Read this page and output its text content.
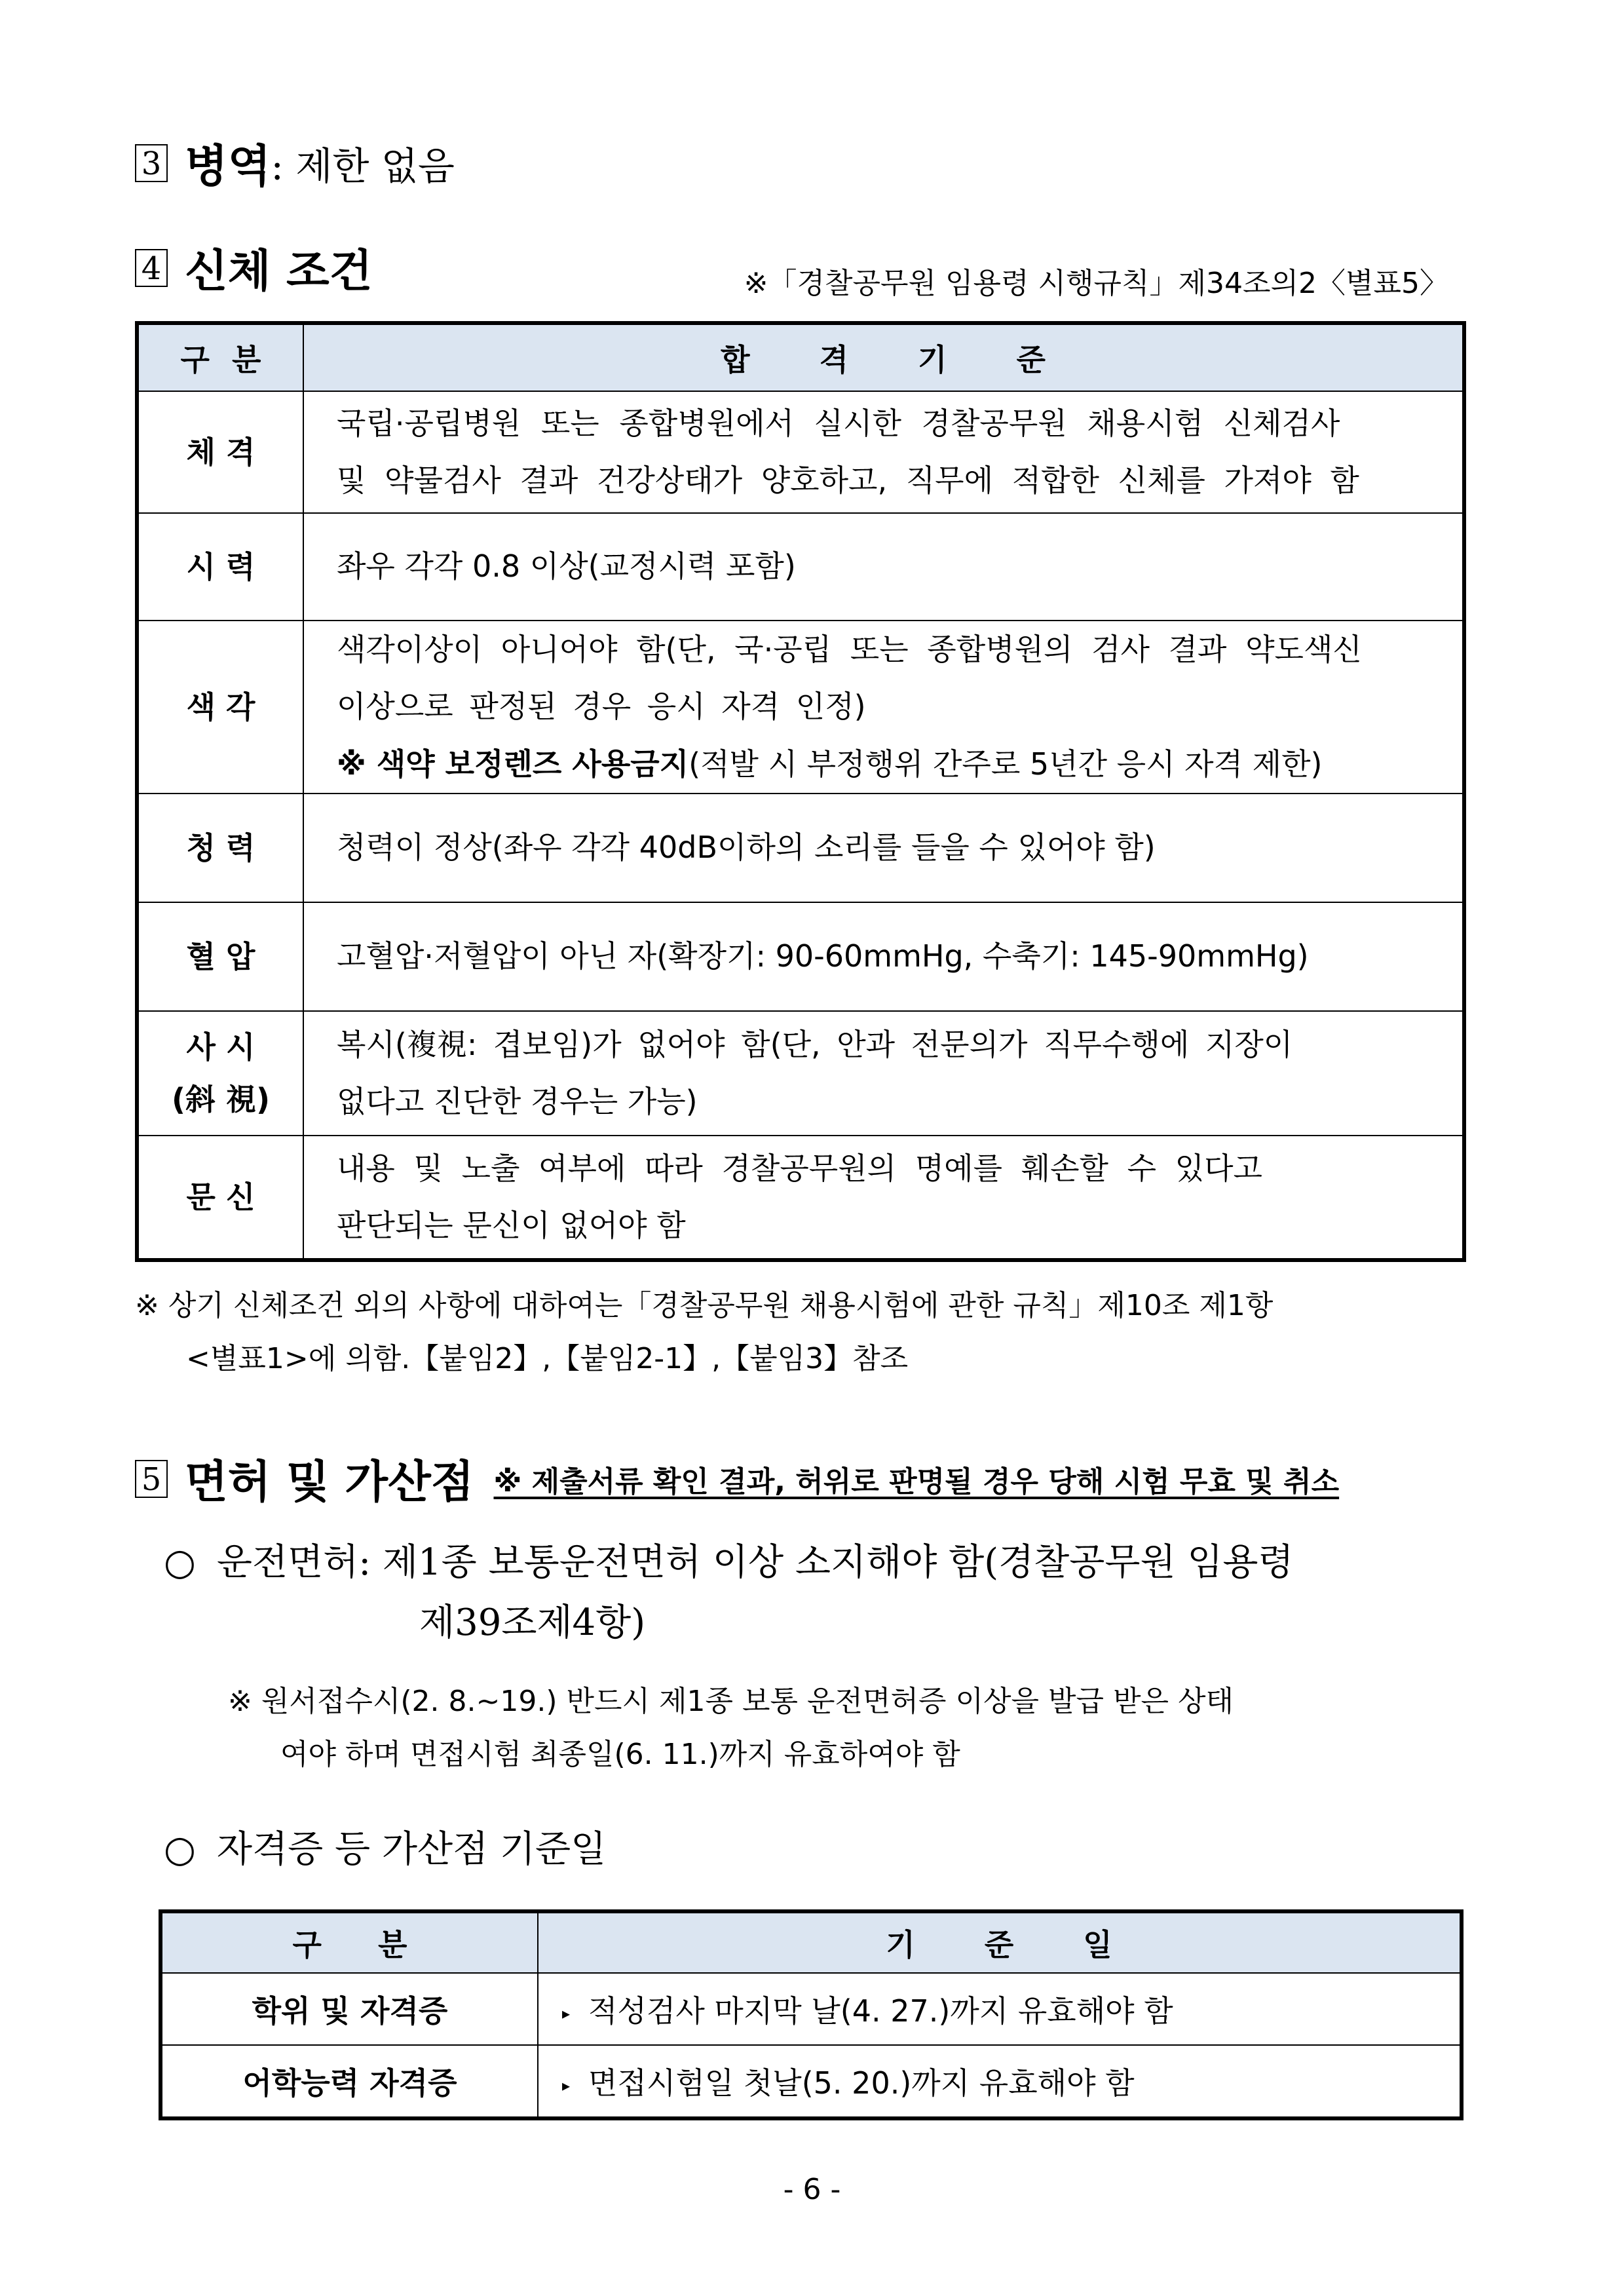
3 병역: 제한 없음
4 신체 조건	※「경찰공무원 임용령 시행규칙」제34조의2〈별표5〉
구 분	합 격 기 준
체 격	국립·공립병원 또는 종합병원에서 실시한 경찰공무원 채용시험 신체검사
및 약물검사 결과 건강상태가 양호하고, 직무에 적합한 신체를 가져야 함

시 력	좌우 각각 0.8 이상(교정시력 포함)

색 각	색각이상이 아니어야 함(단, 국·공립 또는 종합병원의 검사 결과 약도색신
이상으로 판정된 경우 응시 자격 인정)
※ 색약 보정렌즈 사용금지(적발 시 부정행위 간주로 5년간 응시 자격 제한)

청 력	청력이 정상(좌우 각각 40dB이하의 소리를 들을 수 있어야 함)

혈 압	고혈압·저혈압이 아닌 자(확장기: 90-60mmHg, 수축기: 145-90mmHg)

사 시
(斜 視)	복시(複視: 겹보임)가 없어야 함(단, 안과 전문의가 직무수행에 지장이
없다고 진단한 경우는 가능)

문 신	내용 및 노출 여부에 따라 경찰공무원의 명예를 훼손할 수 있다고
판단되는 문신이 없어야 함
※ 상기 신체조건 외의 사항에 대하여는「경찰공무원 채용시험에 관한 규칙」제10조 제1항
<별표1>에 의함.【붙임2】,【붙임2-1】,【붙임3】참조
5 면허 및 가산점 ※ 제출서류 확인 결과, 허위로 판명될 경우 당해 시험 무효 및 취소
○ 운전면허: 제1종 보통운전면허 이상 소지해야 함(경찰공무원 임용령
제39조제4항)
※ 원서접수시(2. 8.~19.) 반드시 제1종 보통 운전면허증 이상을 발급 받은 상태
여야 하며 면접시험 최종일(6. 11.)까지 유효하여야 함
○ 자격증 등 가산점 기준일
구 분	기 준 일
학위 및 자격증	▸ 적성검사 마지막 날(4. 27.)까지 유효해야 함
어학능력 자격증	▸ 면접시험일 첫날(5. 20.)까지 유효해야 함
- 6 -
